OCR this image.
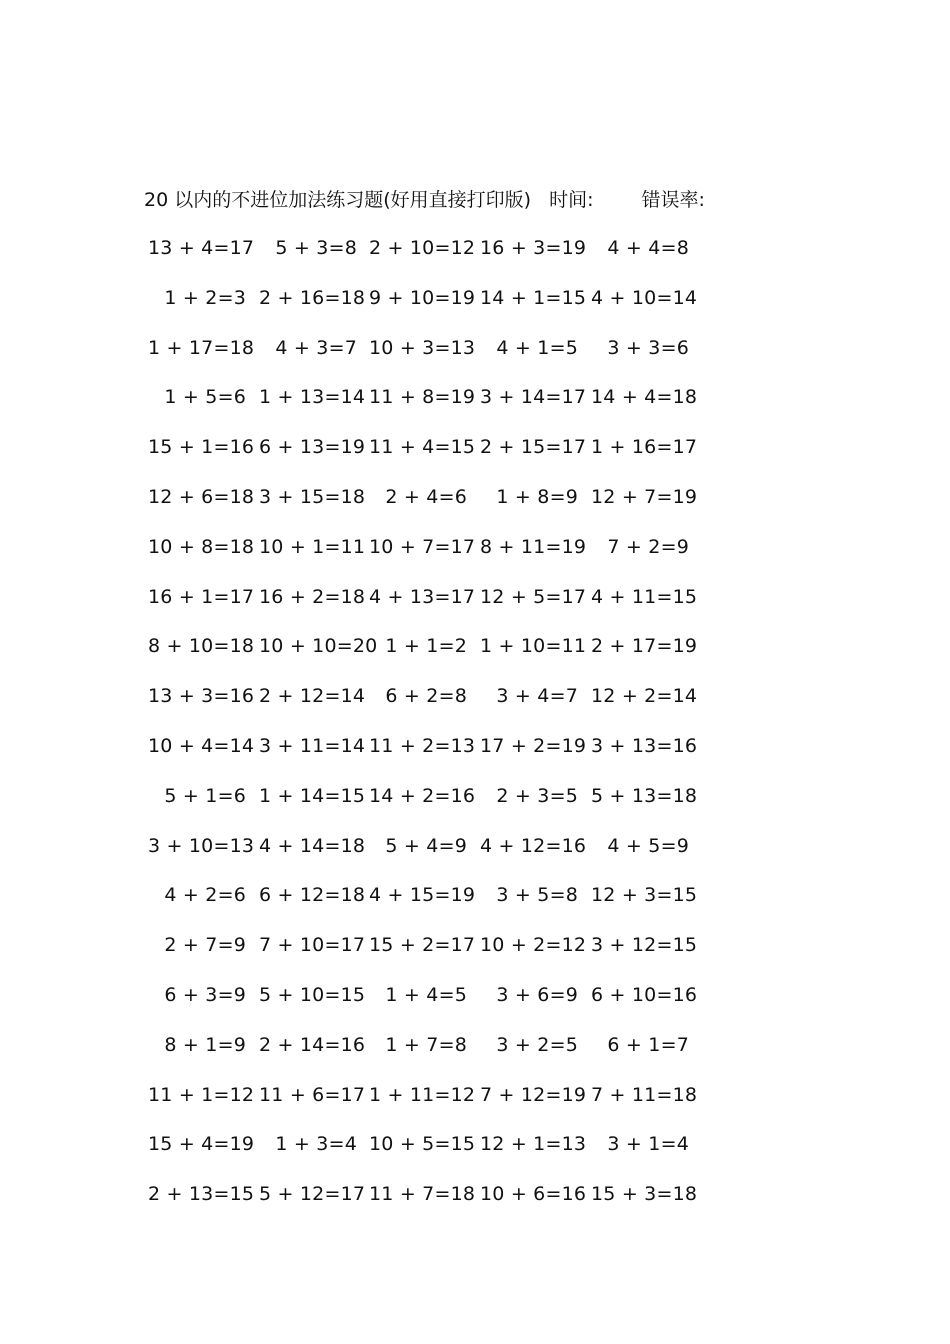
20 以内的不进位加法练习题(好用直接打印版) 时间:	错误率:
13 + 4=17	5 + 3=8 2 + 10=12 16 + 3=19	4 + 4=8
1 + 2=3 2 + 16=18 9 + 10=19 14 + 1=15 4 + 10=14
1 + 17=18	4 + 3=7 10 + 3=13	4 + 1=5	3 + 3=6
1 + 5=6 1 + 13=14 11 + 8=19 3 + 14=17 14 + 4=18
15 + 1=16 6 + 13=19 11 + 4=15 2 + 15=17 1 + 16=17
12 + 6=18 3 + 15=18	2 + 4=6	1 + 8=9 12 + 7=19
10 + 8=18 10 + 1=11 10 + 7=17 8 + 11=19	7 + 2=9
16 + 1=17 16 + 2=18 4 + 13=17 12 + 5=17 4 + 11=15
8 + 10=18 10 + 10=20 1 + 1=2 1 + 10=11 2 + 17=19
13 + 3=16 2 + 12=14	6 + 2=8	3 + 4=7 12 + 2=14
10 + 4=14 3 + 11=14 11 + 2=13 17 + 2=19 3 + 13=16
5 + 1=6 1 + 14=15 14 + 2=16	2 + 3=5 5 + 13=18
3 + 10=13 4 + 14=18	5 + 4=9 4 + 12=16	4 + 5=9
4 + 2=6 6 + 12=18 4 + 15=19	3 + 5=8 12 + 3=15
2 + 7=9 7 + 10=17 15 + 2=17 10 + 2=12 3 + 12=15
6 + 3=9 5 + 10=15	1 + 4=5	3 + 6=9 6 + 10=16
8 + 1=9 2 + 14=16	1 + 7=8	3 + 2=5	6 + 1=7
11 + 1=12 11 + 6=17 1 + 11=12 7 + 12=19 7 + 11=18
15 + 4=19	1 + 3=4 10 + 5=15 12 + 1=13	3 + 1=4
2 + 13=15 5 + 12=17 11 + 7=18 10 + 6=16 15 + 3=18
